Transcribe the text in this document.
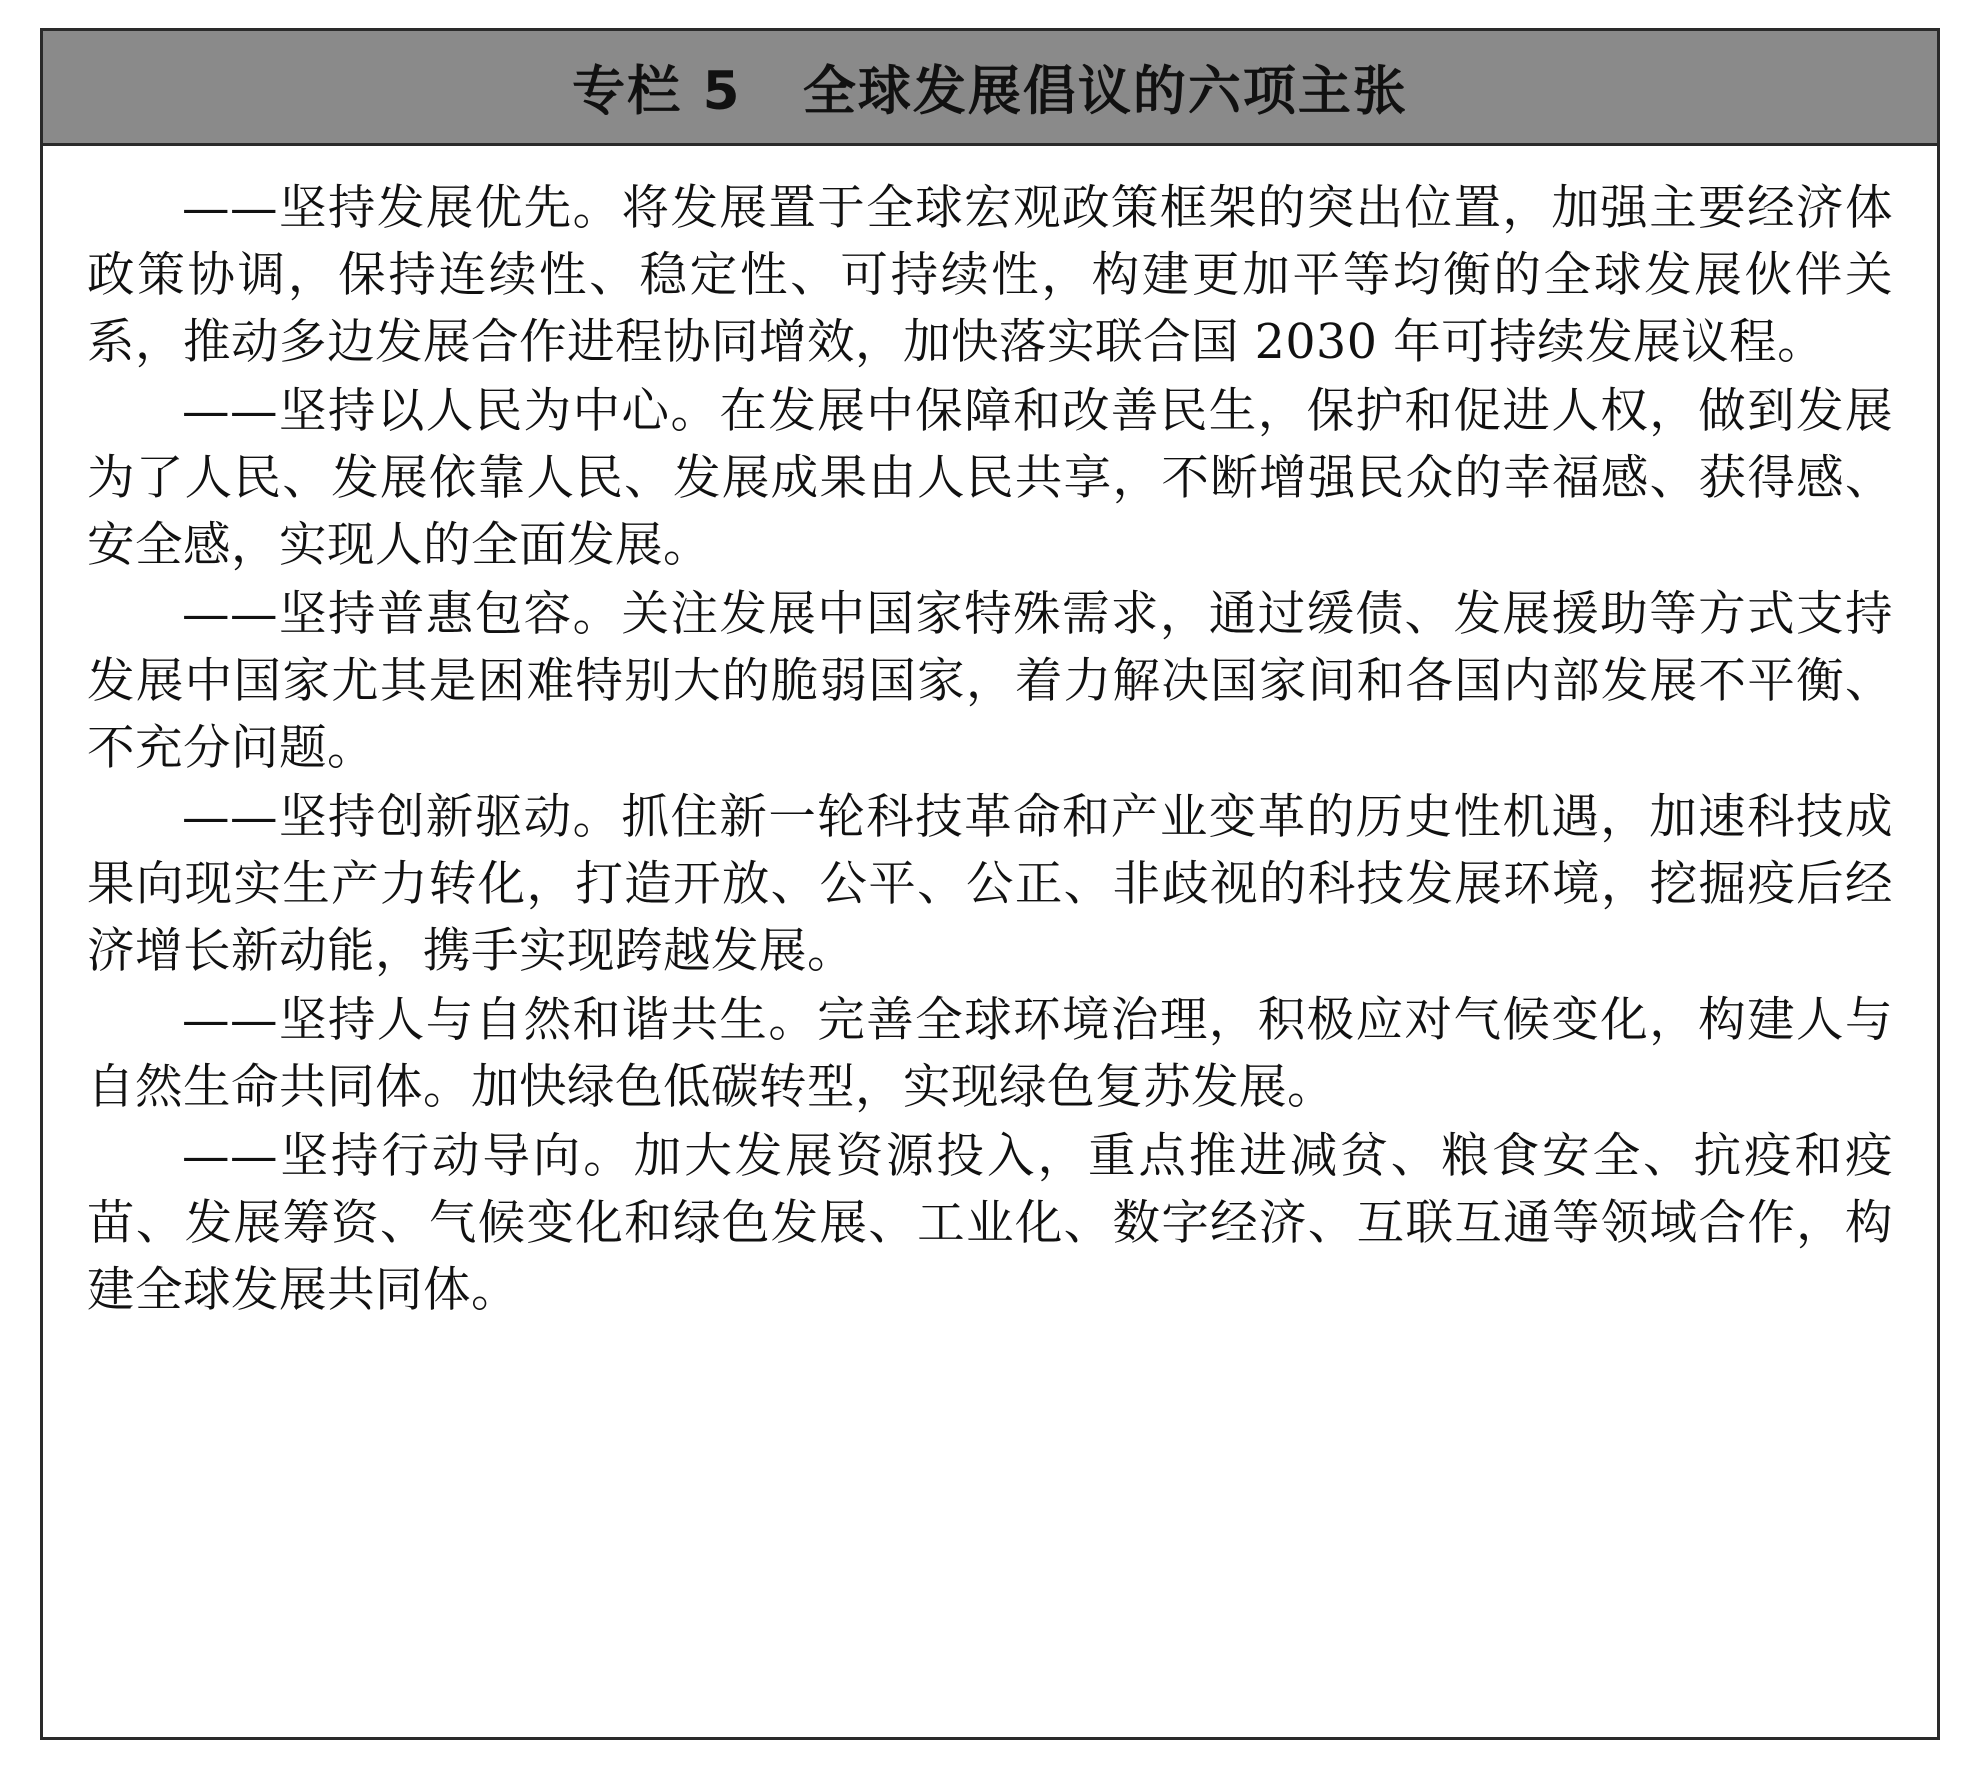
专栏 5   全球发展倡议的六项主张

——坚持发展优先。将发展置于全球宏观政策框架的突出位置，加强主要经济体政策协调，保持连续性、稳定性、可持续性，构建更加平等均衡的全球发展伙伴关系，推动多边发展合作进程协同增效，加快落实联合国 2030 年可持续发展议程。

——坚持以人民为中心。在发展中保障和改善民生，保护和促进人权，做到发展为了人民、发展依靠人民、发展成果由人民共享，不断增强民众的幸福感、获得感、安全感，实现人的全面发展。

——坚持普惠包容。关注发展中国家特殊需求，通过缓债、发展援助等方式支持发展中国家尤其是困难特别大的脆弱国家，着力解决国家间和各国内部发展不平衡、不充分问题。

——坚持创新驱动。抓住新一轮科技革命和产业变革的历史性机遇，加速科技成果向现实生产力转化，打造开放、公平、公正、非歧视的科技发展环境，挖掘疫后经济增长新动能，携手实现跨越发展。

——坚持人与自然和谐共生。完善全球环境治理，积极应对气候变化，构建人与自然生命共同体。加快绿色低碳转型，实现绿色复苏发展。

——坚持行动导向。加大发展资源投入，重点推进减贫、粮食安全、抗疫和疫苗、发展筹资、气候变化和绿色发展、工业化、数字经济、互联互通等领域合作，构建全球发展共同体。
